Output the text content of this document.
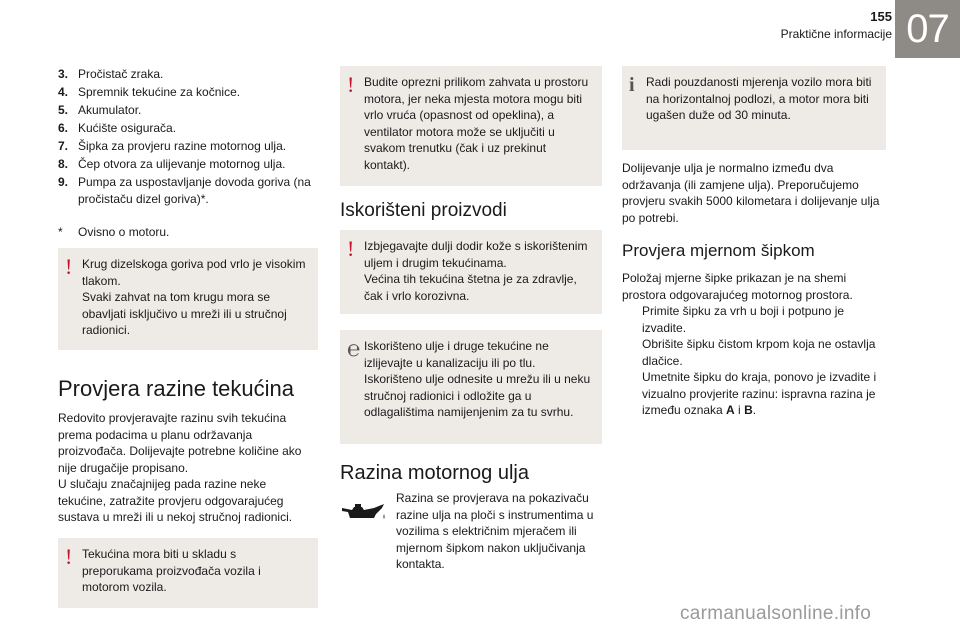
155
Praktične informacije 07
3. Pročistač zraka.
4. Spremnik tekućine za kočnice.
5. Akumulator.
6. Kućište osigurača.
7. Šipka za provjeru razine motornog ulja.
8. Čep otvora za ulijevanje motornog ulja.
9. Pumpa za uspostavljanje dovoda goriva (na pročistaču dizel goriva)*.
*	Ovisno o motoru.
! Krug dizelskoga goriva pod vrlo je visokim tlakom.
Svaki zahvat na tom krugu mora se obavljati isključivo u mreži ili u stručnoj radionici.
Provjera razine tekućina

Redovito provjeravajte razinu svih tekućina prema podacima u planu održavanja proizvođača. Dolijevajte potrebne količine ako nije drugačije propisano.
U slučaju značajnijeg pada razine neke tekućine, zatražite provjeru odgovarajućeg sustava u mreži ili u nekoj stručnoj radionici.

! Tekućina mora biti u skladu s preporukama proizvođača vozila i motorom vozila.
! Budite oprezni prilikom zahvata u prostoru motora, jer neka mjesta motora mogu biti vrlo vruća (opasnost od opeklina), a ventilator motora može se uključiti u svakom trenutku (čak i uz prekinut kontakt).
Iskorišteni proizvodi
! Izbjegavajte dulji dodir kože s iskorištenim uljem i drugim tekućinama.
Većina tih tekućina štetna je za zdravlje, čak i vrlo korozivna.
℮ Iskorišteno ulje i druge tekućine ne izlijevajte u kanalizaciju ili po tlu.
Iskorišteno ulje odnesite u mrežu ili u neku stručnoj radionici i odložite ga u odlagalištima namijenjenim za tu svrhu.
Razina motornog ulja

Razina se provjerava na pokazivaču razine ulja na ploči s instrumentima u vozilima s električnim mjeračem ili mjernom šipkom nakon uključivanja kontakta.

i Radi pouzdanosti mjerenja vozilo mora biti na horizontalnoj podlozi, a motor mora biti ugašen duže od 30 minuta.

Dolijevanje ulja je normalno između dva održavanja (ili zamjene ulja). Preporučujemo provjeru svakih 5000 kilometara i dolijevanje ulja po potrebi.

Provjera mjernom šipkom

Položaj mjerne šipke prikazan je na shemi prostora odgovarajućeg motornog prostora.

Primite šipku za vrh u boji i potpuno je izvadite.
Obrišite šipku čistom krpom koja ne ostavlja dlačice.
Umetnite šipku do kraja, ponovo je izvadite i vizualno provjerite razinu: ispravna razina je između oznaka A i B.
carmanualsonline.info
